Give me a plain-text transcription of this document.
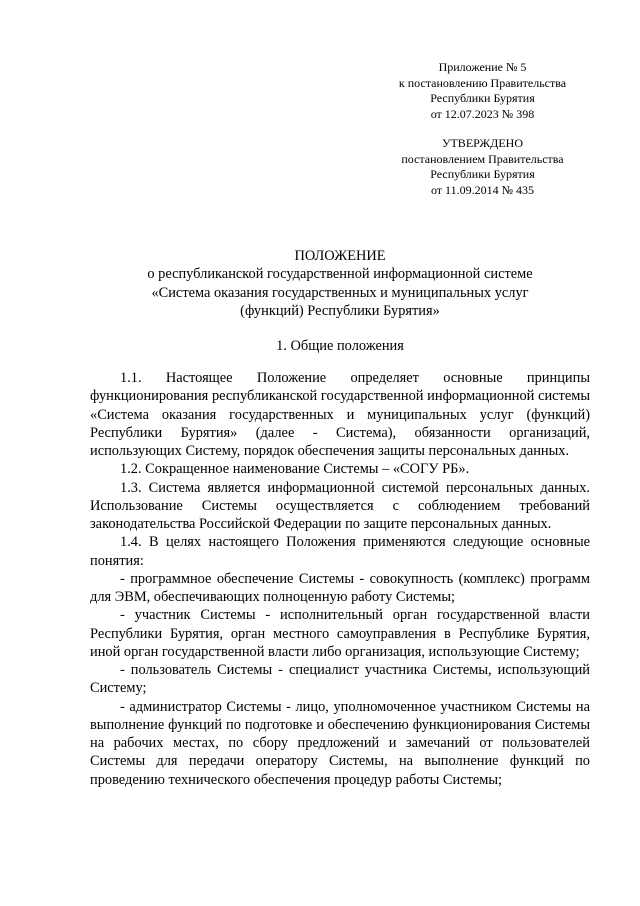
Приложение № 5
к постановлению Правительства
Республики Бурятия
от 12.07.2023 № 398
УТВЕРЖДЕНО
постановлением Правительства
Республики Бурятия
от 11.09.2014 № 435
ПОЛОЖЕНИЕ
о республиканской государственной информационной системе
«Система оказания государственных и муниципальных услуг
(функций) Республики Бурятия»
1. Общие положения

1.1. Настоящее Положение определяет основные принципы функционирования республиканской государственной информационной системы «Система оказания государственных и муниципальных услуг (функций) Республики Бурятия» (далее - Система), обязанности организаций, использующих Систему, порядок обеспечения защиты персональных данных.

1.2. Сокращенное наименование Системы – «СОГУ РБ».

1.3. Система является информационной системой персональных данных. Использование Системы осуществляется с соблюдением требований законодательства Российской Федерации по защите персональных данных.

1.4. В целях настоящего Положения применяются следующие основные понятия:

- программное обеспечение Системы - совокупность (комплекс) программ для ЭВМ, обеспечивающих полноценную работу Системы;

- участник Системы - исполнительный орган государственной власти Республики Бурятия, орган местного самоуправления в Республике Бурятия, иной орган государственной власти либо организация, использующие Систему;

- пользователь Системы - специалист участника Системы, использующий Систему;

- администратор Системы - лицо, уполномоченное участником Системы на выполнение функций по подготовке и обеспечению функционирования Системы на рабочих местах, по сбору предложений и замечаний от пользователей Системы для передачи оператору Системы, на выполнение функций по проведению технического обеспечения процедур работы Системы;
